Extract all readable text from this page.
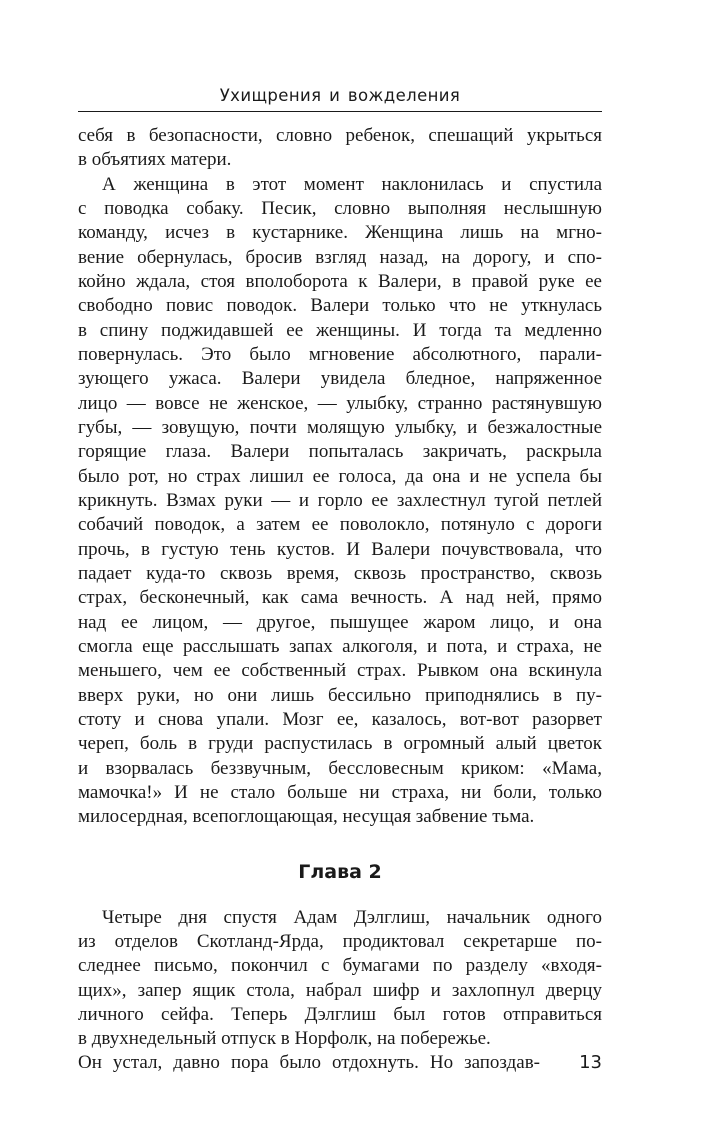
Ухищрения и вожделения
себя в безопасности, словно ребенок, спешащий укрыться
в объятиях матери.
А женщина в этот момент наклонилась и спустила
с поводка собаку. Песик, словно выполняя неслышную
команду, исчез в кустарнике. Женщина лишь на мгно-
вение обернулась, бросив взгляд назад, на дорогу, и спо-
койно ждала, стоя вполоборота к Валери, в правой руке ее
свободно повис поводок. Валери только что не уткнулась
в спину поджидавшей ее женщины. И тогда та медленно
повернулась. Это было мгновение абсолютного, парали-
зующего ужаса. Валери увидела бледное, напряженное
лицо — вовсе не женское, — улыбку, странно растянувшую
губы, — зовущую, почти молящую улыбку, и безжалостные
горящие глаза. Валери попыталась закричать, раскрыла
было рот, но страх лишил ее голоса, да она и не успела бы
крикнуть. Взмах руки — и горло ее захлестнул тугой петлей
собачий поводок, а затем ее поволокло, потянуло с дороги
прочь, в густую тень кустов. И Валери почувствовала, что
падает куда-то сквозь время, сквозь пространство, сквозь
страх, бесконечный, как сама вечность. А над ней, прямо
над ее лицом, — другое, пышущее жаром лицо, и она
смогла еще расслышать запах алкоголя, и пота, и страха, не
меньшего, чем ее собственный страх. Рывком она вскинула
вверх руки, но они лишь бессильно приподнялись в пу-
стоту и снова упали. Мозг ее, казалось, вот-вот разорвет
череп, боль в груди распустилась в огромный алый цветок
и взорвалась беззвучным, бессловесным криком: «Мама,
мамочка!» И не стало больше ни страха, ни боли, только
милосердная, всепоглощающая, несущая забвение тьма.
Глава 2
Четыре дня спустя Адам Дэлглиш, начальник одного
из отделов Скотланд-Ярда, продиктовал секретарше по-
следнее письмо, покончил с бумагами по разделу «входя-
щих», запер ящик стола, набрал шифр и захлопнул дверцу
личного сейфа. Теперь Дэлглиш был готов отправиться
в двухнедельный отпуск в Норфолк, на побережье.
Он устал, давно пора было отдохнуть. Но запоздав- 13
